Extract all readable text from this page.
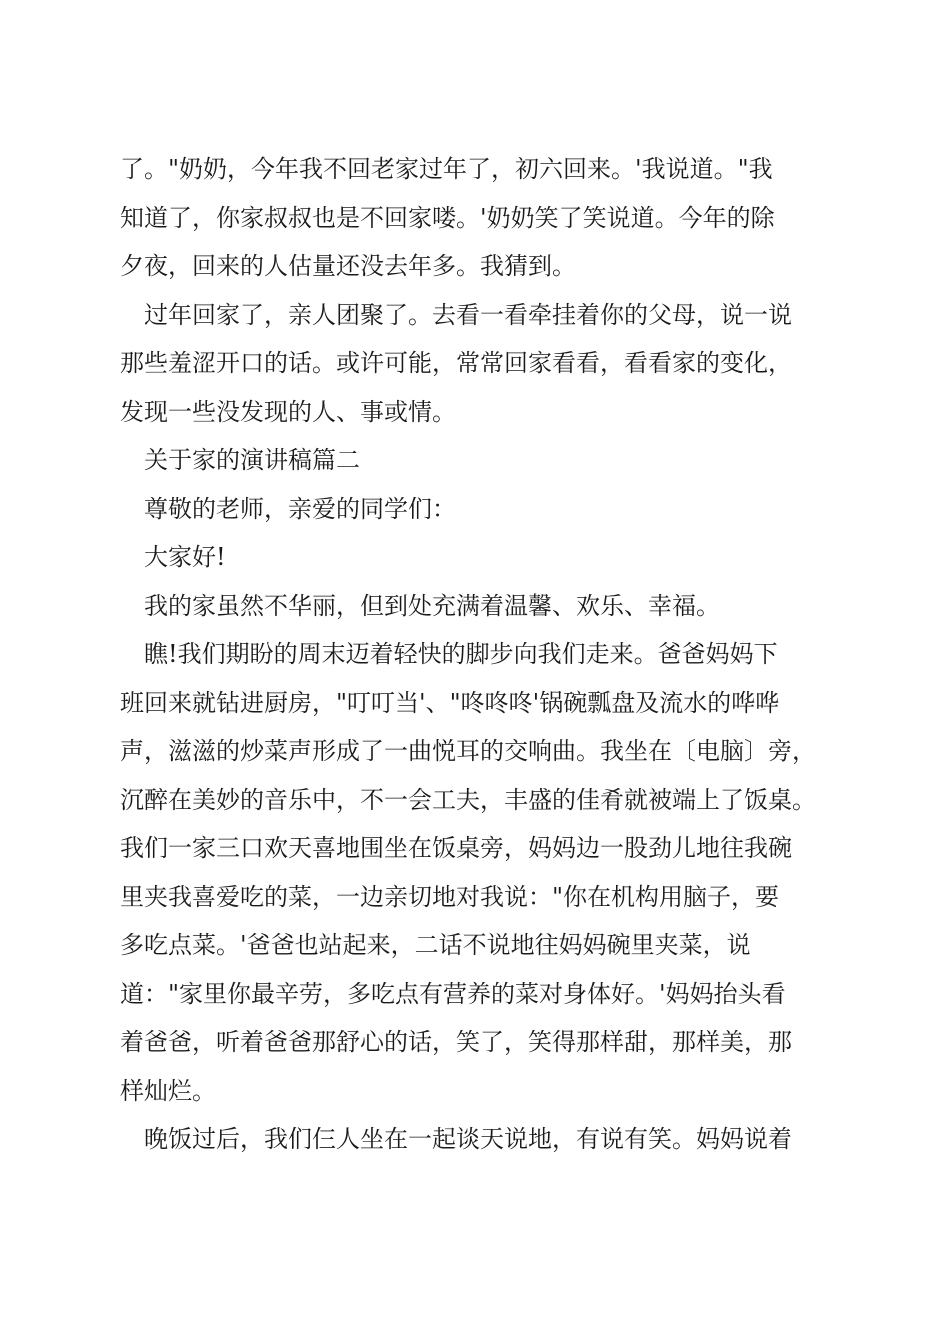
了。"奶奶，今年我不回老家过年了，初六回来。'我说道。"我
知道了，你家叔叔也是不回家喽。'奶奶笑了笑说道。今年的除
夕夜，回来的人估量还没去年多。我猜到。
过年回家了，亲人团聚了。去看一看牵挂着你的父母，说一说
那些羞涩开口的话。或许可能，常常回家看看，看看家的变化，
发现一些没发现的人、事或情。
关于家的演讲稿篇二
尊敬的老师，亲爱的同学们：
大家好!
我的家虽然不华丽，但到处充满着温馨、欢乐、幸福。
瞧!我们期盼的周末迈着轻快的脚步向我们走来。爸爸妈妈下
班回来就钻进厨房，"叮叮当'、"咚咚咚'锅碗瓢盘及流水的哗哗
声，滋滋的炒菜声形成了一曲悦耳的交响曲。我坐在〔电脑〕旁，
沉醉在美妙的音乐中，不一会工夫，丰盛的佳肴就被端上了饭桌。
我们一家三口欢天喜地围坐在饭桌旁，妈妈边一股劲儿地往我碗
里夹我喜爱吃的菜，一边亲切地对我说："你在机构用脑子，要
多吃点菜。'爸爸也站起来，二话不说地往妈妈碗里夹菜，说
道："家里你最辛劳，多吃点有营养的菜对身体好。'妈妈抬头看
着爸爸，听着爸爸那舒心的话，笑了，笑得那样甜，那样美，那
样灿烂。
晚饭过后，我们仨人坐在一起谈天说地，有说有笑。妈妈说着
